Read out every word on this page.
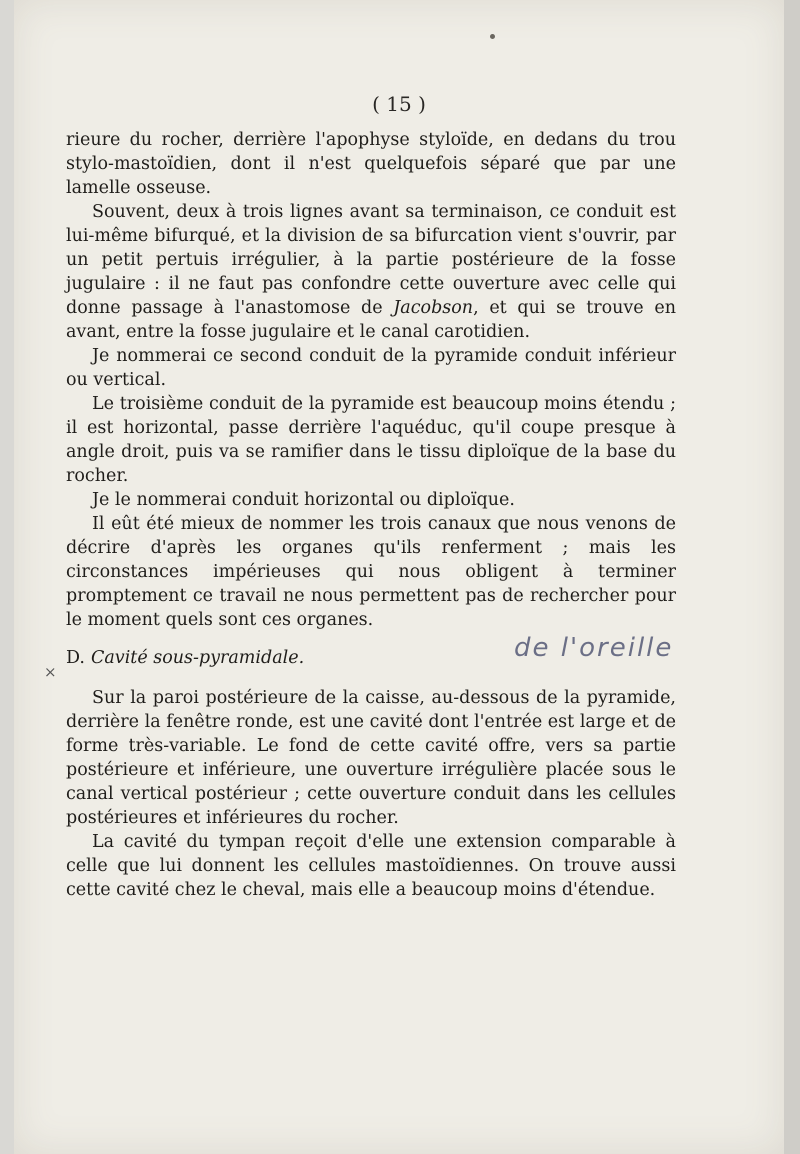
( 15 )

rieure du rocher, derrière l'apophyse styloïde, en dedans du trou stylo-mastoïdien, dont il n'est quelquefois séparé que par une lamelle osseuse.

Souvent, deux à trois lignes avant sa terminaison, ce conduit est lui-même bifurqué, et la division de sa bifurcation vient s'ouvrir, par un petit pertuis irrégulier, à la partie postérieure de la fosse jugulaire : il ne faut pas confondre cette ouverture avec celle qui donne passage à l'anastomose de Jacobson, et qui se trouve en avant, entre la fosse jugulaire et le canal carotidien.

Je nommerai ce second conduit de la pyramide conduit inférieur ou vertical.

Le troisième conduit de la pyramide est beaucoup moins étendu ; il est horizontal, passe derrière l'aquéduc, qu'il coupe presque à angle droit, puis va se ramifier dans le tissu diploïque de la base du rocher.

Je le nommerai conduit horizontal ou diploïque.

Il eût été mieux de nommer les trois canaux que nous venons de décrire d'après les organes qu'ils renferment ; mais les circonstances impérieuses qui nous obligent à terminer promptement ce travail ne nous permettent pas de rechercher pour le moment quels sont ces organes.

D. Cavité sous-pyramidale.	de l'oreille
×

Sur la paroi postérieure de la caisse, au-dessous de la pyramide, derrière la fenêtre ronde, est une cavité dont l'entrée est large et de forme très-variable. Le fond de cette cavité offre, vers sa partie postérieure et inférieure, une ouverture irrégulière placée sous le canal vertical postérieur ; cette ouverture conduit dans les cellules postérieures et inférieures du rocher.

La cavité du tympan reçoit d'elle une extension comparable à celle que lui donnent les cellules mastoïdiennes. On trouve aussi cette cavité chez le cheval, mais elle a beaucoup moins d'étendue.
